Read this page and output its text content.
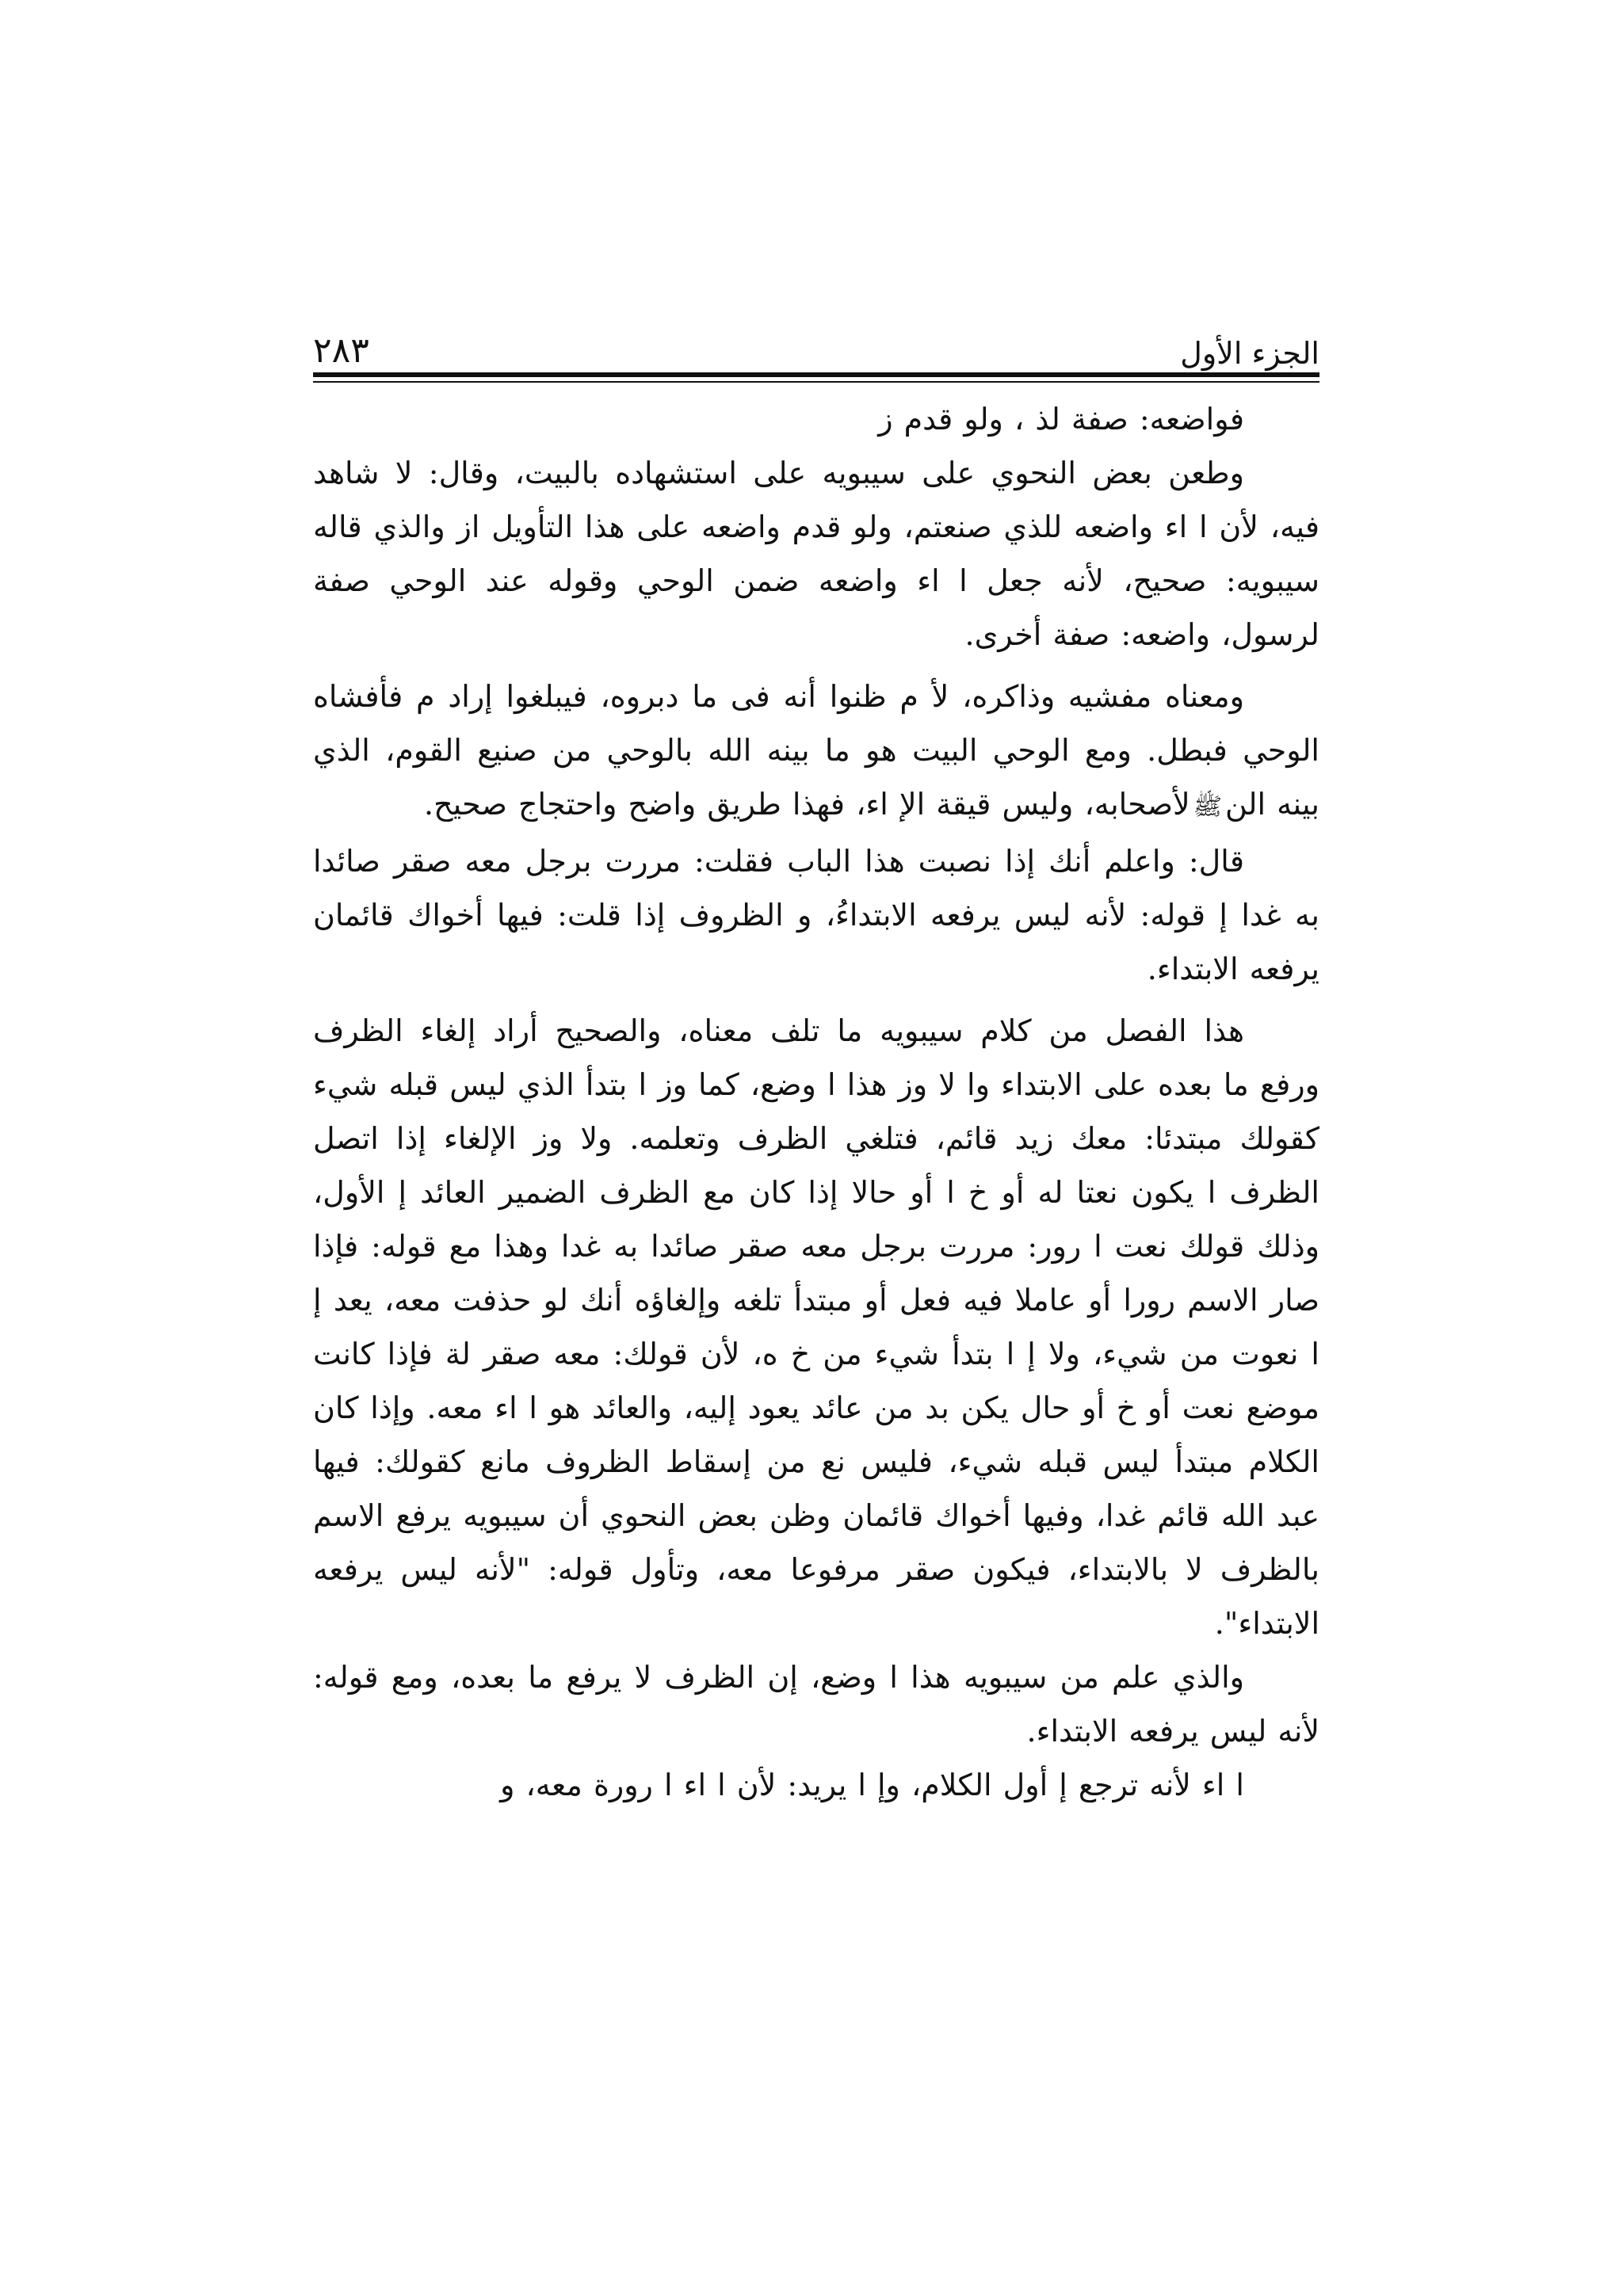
الجزء الأول
٢٨٣

فواضعه: صفة لذ ، ولو قدم ز

وطعن بعض النحوي على سيبويه على استشهاده بالبيت، وقال: لا شاهد فيه، لأن ا اء واضعه للذي صنعتم، ولو قدم واضعه على هذا التأويل از والذي قاله سيبويه: صحيح، لأنه جعل ا اء واضعه ضمن الوحي وقوله عند الوحي صفة لرسول، واضعه: صفة أخرى.

ومعناه مفشيه وذاكره، لأ م ظنوا أنه فى ما دبروه، فيبلغوا إراد م فأفشاه الوحي فبطل. ومع الوحي البيت هو ما بينه الله بالوحي من صنيع القوم، الذي بينه النﷺلأصحابه، وليس قيقة الإ اء، فهذا طريق واضح واحتجاج صحيح.

قال: واعلم أنك إذا نصبت هذا الباب فقلت: مررت برجل معه صقر صائدا به غدا إ قوله: لأنه ليس يرفعه الابتداءُ، و الظروف إذا قلت: فيها أخواك قائمان يرفعه الابتداء.

هذا الفصل من كلام سيبويه ما تلف معناه، والصحيح أراد إلغاء الظرف ورفع ما بعده على الابتداء وا لا وز هذا ا وضع، كما وز ا بتدأ الذي ليس قبله شيء كقولك مبتدئا: معك زيد قائم، فتلغي الظرف وتعلمه. ولا وز الإلغاء إذا اتصل الظرف ا يكون نعتا له أو خ ا أو حالا إذا كان مع الظرف الضمير العائد إ الأول، وذلك قولك نعت ا رور: مررت برجل معه صقر صائدا به غدا وهذا مع قوله: فإذا صار الاسم رورا أو عاملا فيه فعل أو مبتدأ تلغه وإلغاؤه أنك لو حذفت معه، يعد إ ا نعوت من شيء، ولا إ ا بتدأ شيء من خ ه، لأن قولك: معه صقر لة فإذا كانت موضع نعت أو خ أو حال يكن بد من عائد يعود إليه، والعائد هو ا اء معه. وإذا كان الكلام مبتدأ ليس قبله شيء، فليس نع من إسقاط الظروف مانع كقولك: فيها عبد الله قائم غدا، وفيها أخواك قائمان وظن بعض النحوي أن سيبويه يرفع الاسم بالظرف لا بالابتداء، فيكون صقر مرفوعا معه، وتأول قوله: "لأنه ليس يرفعه الابتداء".

والذي علم من سيبويه هذا ا وضع، إن الظرف لا يرفع ما بعده، ومع قوله: لأنه ليس يرفعه الابتداء.

ا اء لأنه ترجع إ أول الكلام، وإ ا يريد: لأن ا اء ا رورة معه، و
